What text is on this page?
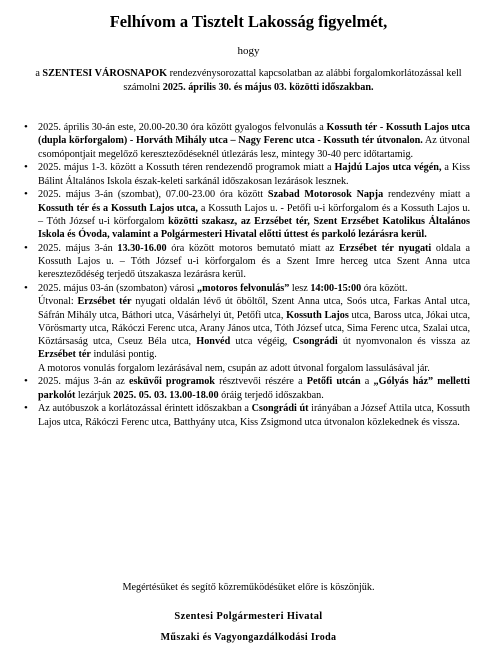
Felhívom a Tisztelt Lakosság figyelmét,
hogy
a SZENTESI VÁROSNAPOK rendezvénysorozattal kapcsolatban az alábbi forgalomkorlátozással kell számolni 2025. április 30. és május 03. közötti időszakban.
• 2025. április 30-án este, 20.00-20.30 óra között gyalogos felvonulás a Kossuth tér - Kossuth Lajos utca (dupla körforgalom) - Horváth Mihály utca – Nagy Ferenc utca - Kossuth tér útvonalon. Az útvonal csomópontjait megelőző kereszteződéseknél útlezárás lesz, mintegy 30-40 perc időtartamig.
• 2025. május 1-3. között a Kossuth téren rendezendő programok miatt a Hajdú Lajos utca végén, a Kiss Bálint Általános Iskola észak-keleti sarkánál időszakosan lezárások lesznek.
• 2025. május 3-án (szombat), 07.00-23.00 óra között Szabad Motorosok Napja rendezvény miatt a Kossuth tér és a Kossuth Lajos utca, a Kossuth Lajos u. - Petőfi u-i körforgalom és a Kossuth Lajos u. – Tóth József u-i körforgalom közötti szakasz, az Erzsébet tér, Szent Erzsébet Katolikus Általános Iskola és Óvoda, valamint a Polgármesteri Hivatal előtti úttest és parkoló lezárásra kerül.
• 2025. május 3-án 13.30-16.00 óra között motoros bemutató miatt az Erzsébet tér nyugati oldala a Kossuth Lajos u. – Tóth József u-i körforgalom és a Szent Imre herceg utca Szent Anna utca kereszteződéség terjedő útszakasza lezárásra kerül.
• 2025. május 03-án (szombaton) városi „motoros felvonulás” lesz 14:00-15:00 óra között.
Útvonal: Erzsébet tér nyugati oldalán lévő út öböltől, Szent Anna utca, Soós utca, Farkas Antal utca, Sáfrán Mihály utca, Báthori utca, Vásárhelyi út, Petőfi utca, Kossuth Lajos utca, Baross utca, Jókai utca, Vörösmarty utca, Rákóczi Ferenc utca, Arany János utca, Tóth József utca, Sima Ferenc utca, Szalai utca, Köztársaság utca, Cseuz Béla utca, Honvéd utca végéig, Csongrádi út nyomvonalon és vissza az Erzsébet tér indulási pontig.
A motoros vonulás forgalom lezárásával nem, csupán az adott útvonal forgalom lassulásával jár.
• 2025. május 3-án az esküvői programok résztvevői részére a Petőfi utcán a „Gólyás ház” melletti parkolót lezárjuk 2025. 05. 03. 13.00-18.00 óráig terjedő időszakban.
• Az autóbuszok a korlátozással érintett időszakban a Csongrádi út irányában a József Attila utca, Kossuth Lajos utca, Rákóczi Ferenc utca, Batthyány utca, Kiss Zsigmond utca útvonalon közlekednek és vissza.
Megértésüket és segítő közreműködésüket előre is köszönjük.
Szentesi Polgármesteri Hivatal
Műszaki és Vagyongazdálkodási Iroda
